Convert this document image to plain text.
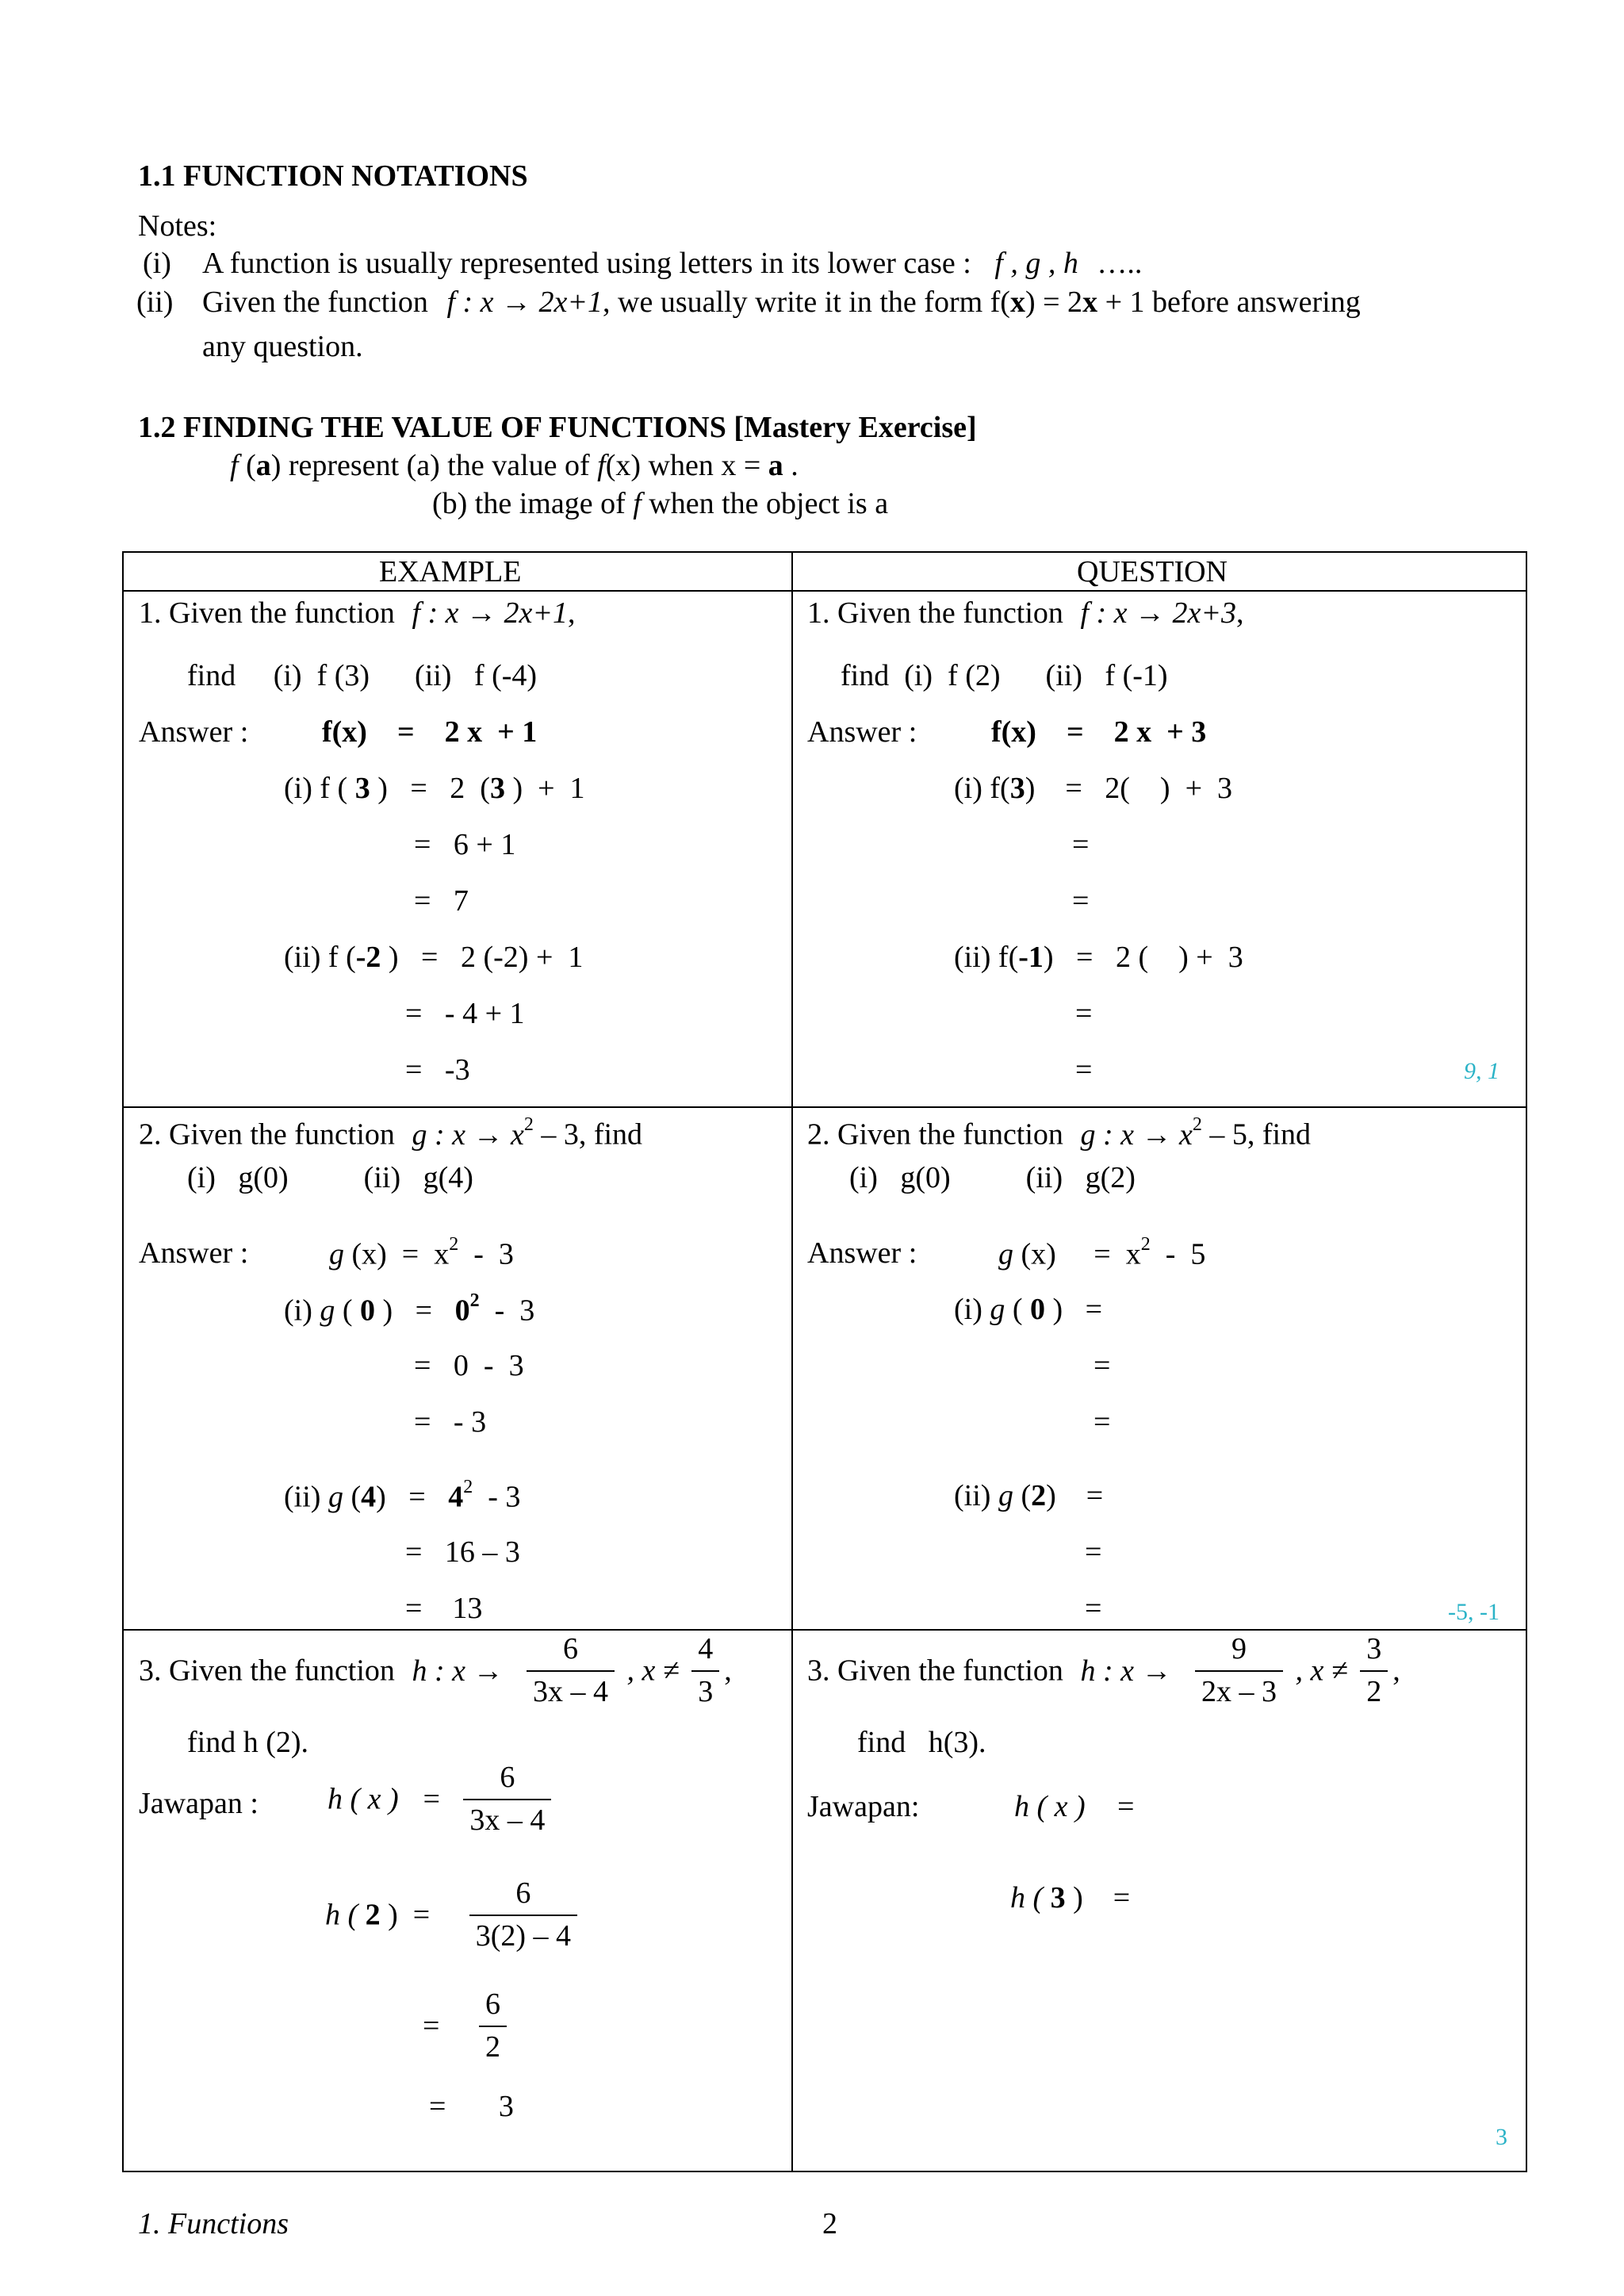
1.1 FUNCTION NOTATIONS
Notes:
(i) A function is usually represented using letters in its lower case : f , g , h …..
(ii) Given the function f : x → 2x+1, we usually write it in the form f(x) = 2x + 1 before answering
any question.
1.2 FINDING THE VALUE OF FUNCTIONS [Mastery Exercise]
f (a) represent (a) the value of f(x) when x = a .
(b) the image of f when the object is a
EXAMPLE	QUESTION
1. Given the function f : x → 2x+1,
find     (i)  f (3)      (ii)   f (-4)
Answer : f(x)    =    2 x  + 1
(i) f ( 3 )   =   2  (3 )  +  1
=   6 + 1
=   7
(ii) f (-2 )   =   2 (-2) +  1
=   - 4 + 1
=   -3
1. Given the function f : x → 2x+3,
find  (i)  f (2)      (ii)   f (-1)
Answer : f(x)    =    2 x  + 3
(i) f(3)    =   2(    )  +  3
=
=
(ii) f(-1)   =   2 (    ) +  3
=
=	9, 1
2. Given the function g : $x \to x^2 - 3$, find
(i)   g(0)          (ii)   g(4)
Answer :	g $(x) = x^2 - 3$
(i) g ( 0 )   =   $0^2 - 3$
=   0  -  3
=   - 3
(ii) g $(4) = 4^2 - 3$
=   16 – 3
=    13
2. Given the function g : $x \to x^2 - 5$, find
(i)   g(0)          (ii)   g(2)
Answer :	g (x)     =  $x^2 - 5$
(i) g ( 0 )   =
=
=
(ii) g (2)    =
=
=	-5, -1
3. Given the function h : $x \to \frac{6}{3x - 4}$ , $x \ne \frac{4}{3}$ ,
find h (2).
Jawapan : h ( x )   = $\frac{6}{3x - 4}$
h ( 2 )  = $\frac{6}{3(2) - 4}$
= $\frac{6}{2}$
=       3
3. Given the function h : $x \to \frac{9}{2x - 3}$ , $x \ne \frac{3}{2}$ ,
find   h(3).
Jawapan:	h ( x )    =
h ( 3 )    =
3
1. Functions	2
